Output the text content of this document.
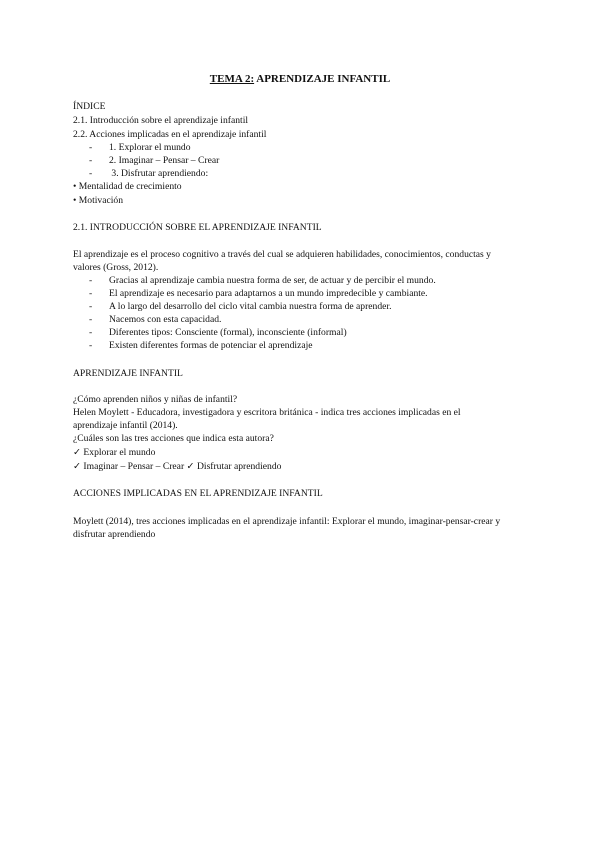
TEMA 2: APRENDIZAJE INFANTIL
ÍNDICE
2.1. Introducción sobre el aprendizaje infantil
2.2. Acciones implicadas en el aprendizaje infantil
- 1. Explorar el mundo
- 2. Imaginar – Pensar – Crear
- 3. Disfrutar aprendiendo:
• Mentalidad de crecimiento
• Motivación
2.1. INTRODUCCIÓN SOBRE EL APRENDIZAJE INFANTIL
El aprendizaje es el proceso cognitivo a través del cual se adquieren habilidades, conocimientos, conductas y
valores (Gross, 2012).
- Gracias al aprendizaje cambia nuestra forma de ser, de actuar y de percibir el mundo.
- El aprendizaje es necesario para adaptarnos a un mundo impredecible y cambiante.
- A lo largo del desarrollo del ciclo vital cambia nuestra forma de aprender.
- Nacemos con esta capacidad.
- Diferentes tipos: Consciente (formal), inconsciente (informal)
- Existen diferentes formas de potenciar el aprendizaje
APRENDIZAJE INFANTIL
¿Cómo aprenden niños y niñas de infantil?
Helen Moylett - Educadora, investigadora y escritora británica - indica tres acciones implicadas en el
aprendizaje infantil (2014).
¿Cuáles son las tres acciones que indica esta autora?
✓ Explorar el mundo
✓ Imaginar – Pensar – Crear ✓ Disfrutar aprendiendo
ACCIONES IMPLICADAS EN EL APRENDIZAJE INFANTIL
Moylett (2014), tres acciones implicadas en el aprendizaje infantil: Explorar el mundo, imaginar-pensar-crear y
disfrutar aprendiendo
